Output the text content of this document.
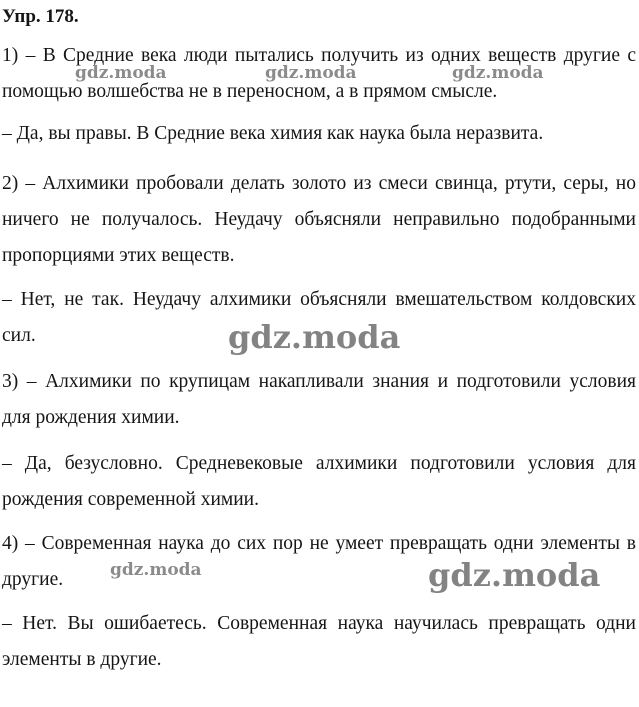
Упр. 178.

1) – В Средние века люди пытались получить из одних веществ другие с помощью волшебства не в переносном, а в прямом смысле.

– Да, вы правы. В Средние века химия как наука была неразвита.

2) – Алхимики пробовали делать золото из смеси свинца, ртути, серы, но ничего не получалось. Неудачу объясняли неправильно подобранными пропорциями этих веществ.

– Нет, не так. Неудачу алхимики объясняли вмешательством колдовских сил.

3) – Алхимики по крупицам накапливали знания и подготовили условия для рождения химии.

– Да, безусловно. Средневековые алхимики подготовили условия для рождения современной химии.

4) – Современная наука до сих пор не умеет превращать одни элементы в другие.

– Нет. Вы ошибаетесь. Современная наука научилась превращать одни элементы в другие.

gdz.moda	gdz.moda	gdz.moda
gdz.moda
gdz.moda	gdz.moda
